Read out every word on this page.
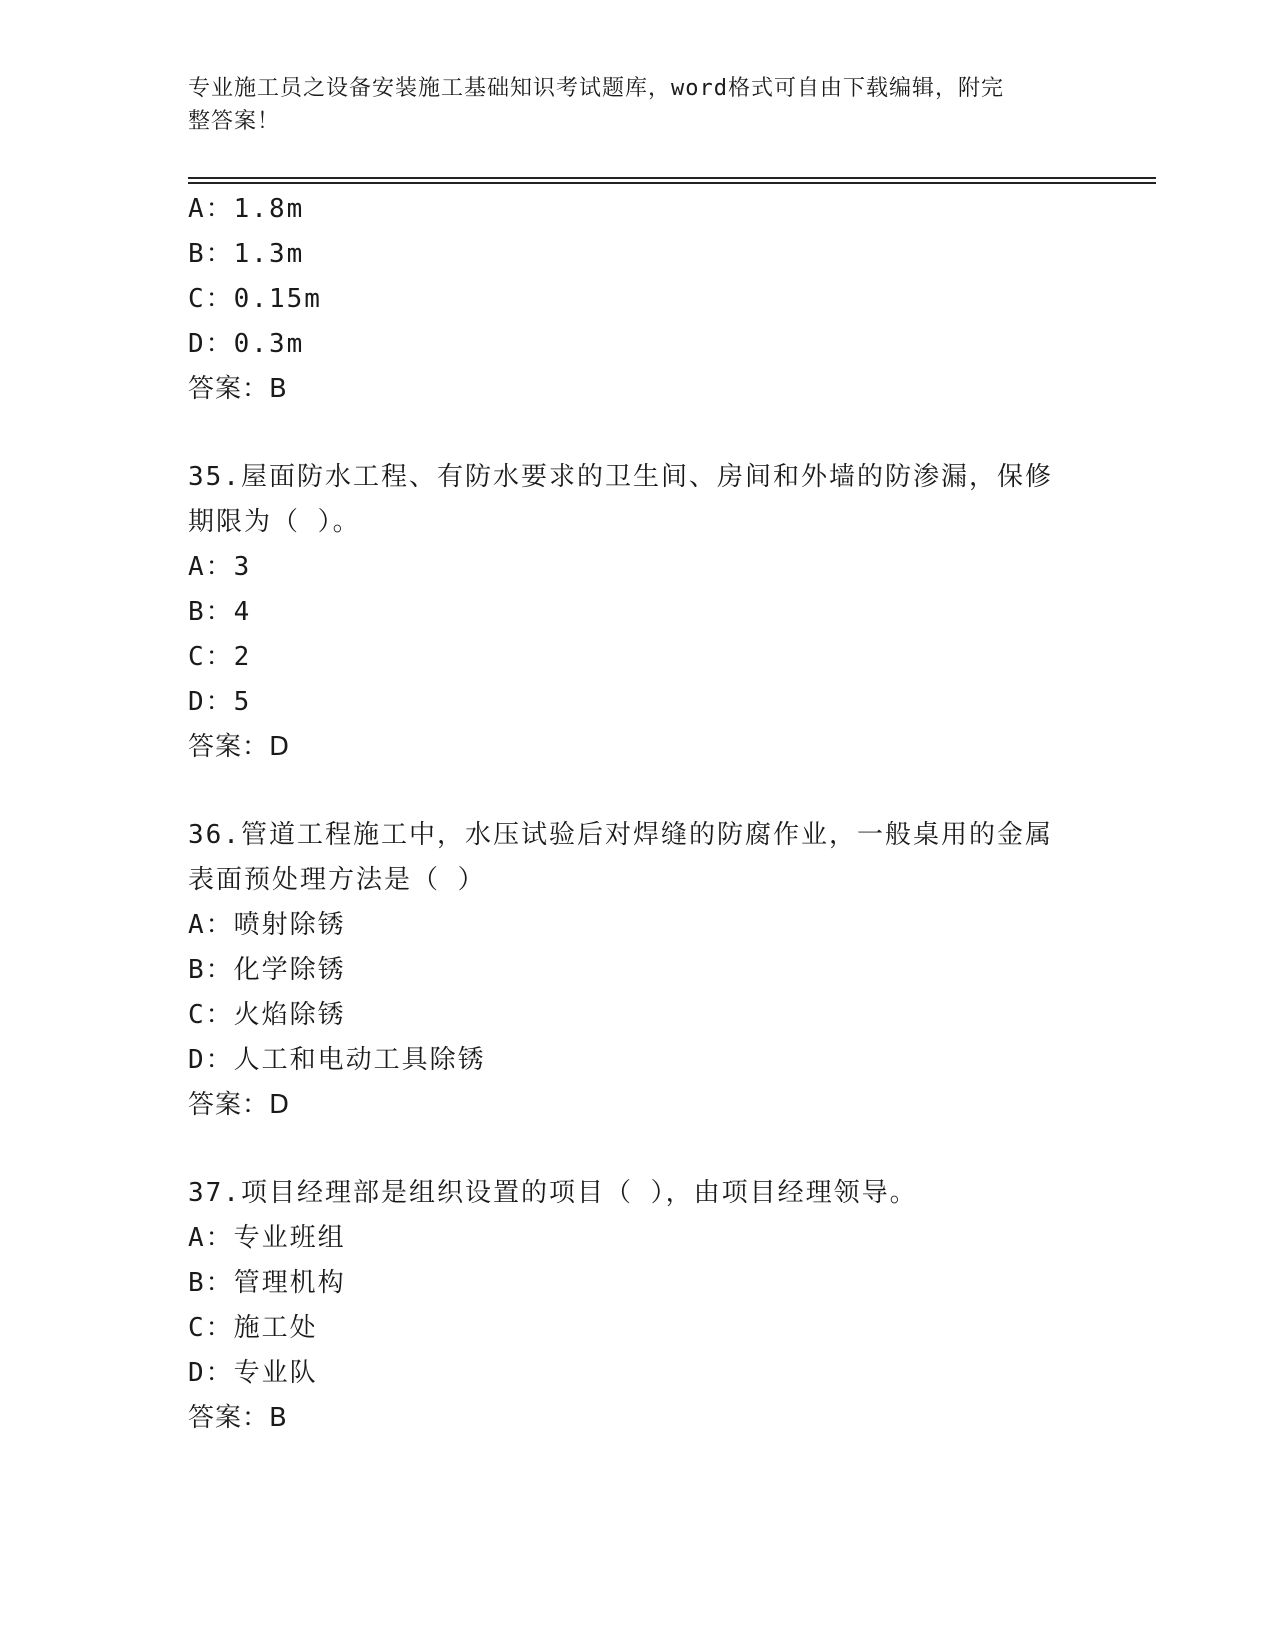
专业施工员之设备安装施工基础知识考试题库，word格式可自由下载编辑，附完
整答案！
A：1.8m
B：1.3m
C：0.15m
D：0.3m
答案：B
35.屋面防水工程、有防水要求的卫生间、房间和外墙的防渗漏，保修
期限为（ ）。
A：3
B：4
C：2
D：5
答案：D
36.管道工程施工中，水压试验后对焊缝的防腐作业，一般桌用的金属
表面预处理方法是（ ）
A：喷射除锈
B：化学除锈
C：火焰除锈
D：人工和电动工具除锈
答案：D
37.项目经理部是组织设置的项目（ ），由项目经理领导。
A：专业班组
B：管理机构
C：施工处
D：专业队
答案：B
